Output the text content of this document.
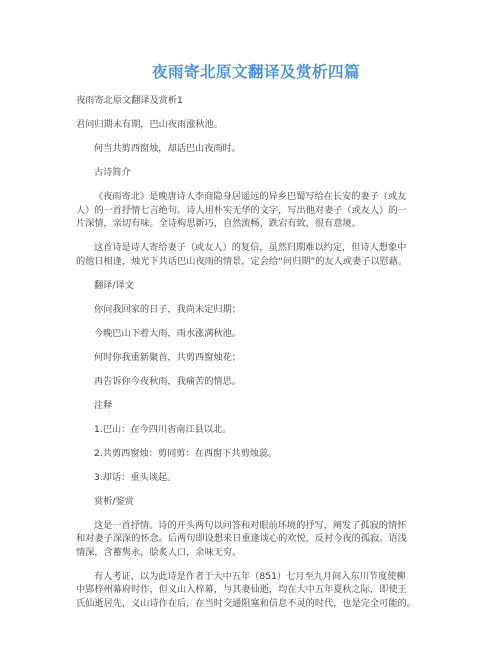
夜雨寄北原文翻译及赏析四篇
夜雨寄北原文翻译及赏析1
君问归期未有期，巴山夜雨涨秋池。
何当共剪西窗烛，却话巴山夜雨时。
古诗简介
《夜雨寄北》是晚唐诗人李商隐身居遥远的异乡巴蜀写给在长安的妻子（或友
人）的一首抒情七言绝句。诗人用朴实无华的文字，写出他对妻子（或友人）的一
片深情，亲切有味。全诗构思新巧，自然流畅，跌宕有致，很有意境。
这首诗是诗人寄给妻子（或友人）的复信，虽然归期难以约定，但诗人想象中
的他日相逢，烛光下共话巴山夜雨的情景，定会给“问归期”的友人或妻子以慰藉。
翻译/译文
你问我回家的日子，我尚未定归期；
今晚巴山下着大雨，雨水涨满秋池。
何时你我重新聚首，共剪西窗烛花；
再告诉你今夜秋雨，我痛苦的情思。
注释
1.巴山：在今四川省南江县以北。
2.共剪西窗烛：剪同剪：在西窗下共剪烛蕊。
3.却话：重头谈起。
赏析/鉴赏
这是一首抒情。诗的开头两句以问答和对眼前环境的抒写，阐发了孤寂的情怀
和对妻子深深的怀念。后两句即设想来日重逢谈心的欢悦，反衬今夜的孤寂。语浅
情深，含蓄隽永，脍炙人口，余味无穷。
有人考证，以为此诗是作者于大中五年（851）七月至九月间入东川节度使柳
中郢梓州幕府时作，但义山入梓幕，与其妻仙逝，均在大中五年夏秋之际，即使王
氏仙逝居先，义山诗作在后，在当时交通阻塞和信息不灵的时代，也是完全可能的。
